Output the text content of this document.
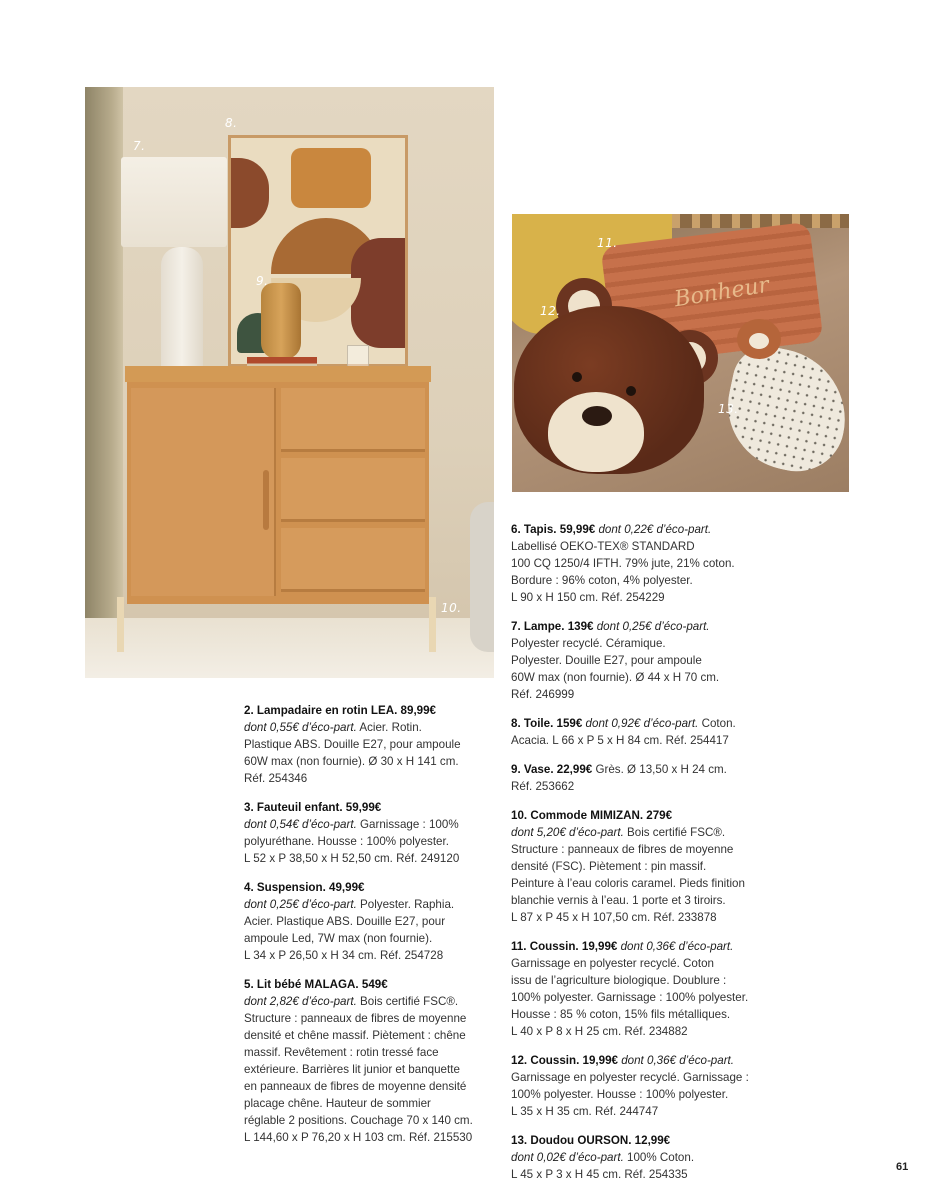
7.
8.
9.
10.
Bonheur
11.
12.
13.

2. Lampadaire en rotin LEA. 89,99€
dont 0,55€ d’éco-part. Acier. Rotin.
Plastique ABS. Douille E27, pour ampoule
60W max (non fournie). Ø 30 x H 141 cm.
Réf. 254346

3. Fauteuil enfant. 59,99€
dont 0,54€ d’éco-part. Garnissage : 100%
polyuréthane. Housse : 100% polyester.
L 52 x P 38,50 x H 52,50 cm. Réf. 249120

4. Suspension. 49,99€
dont 0,25€ d’éco-part. Polyester. Raphia.
Acier. Plastique ABS. Douille E27, pour
ampoule Led, 7W max (non fournie).
L 34 x P 26,50 x H 34 cm. Réf. 254728

5. Lit bébé MALAGA. 549€
dont 2,82€ d’éco-part. Bois certifié FSC®.
Structure : panneaux de fibres de moyenne
densité et chêne massif. Piètement : chêne
massif. Revêtement : rotin tressé face
extérieure. Barrières lit junior et banquette
en panneaux de fibres de moyenne densité
placage chêne. Hauteur de sommier
réglable 2 positions. Couchage 70 x 140 cm.
L 144,60 x P 76,20 x H 103 cm. Réf. 215530

6. Tapis. 59,99€ dont 0,22€ d’éco-part.
Labellisé OEKO-TEX® STANDARD
100 CQ 1250/4 IFTH. 79% jute, 21% coton.
Bordure : 96% coton, 4% polyester.
L 90 x H 150 cm. Réf. 254229

7. Lampe. 139€ dont 0,25€ d’éco-part.
Polyester recyclé. Céramique.
Polyester. Douille E27, pour ampoule
60W max (non fournie). Ø 44 x H 70 cm.
Réf. 246999

8. Toile. 159€ dont 0,92€ d’éco-part. Coton.
Acacia. L 66 x P 5 x H 84 cm. Réf. 254417

9. Vase. 22,99€ Grès. Ø 13,50 x H 24 cm.
Réf. 253662

10. Commode MIMIZAN. 279€
dont 5,20€ d’éco-part. Bois certifié FSC®.
Structure : panneaux de fibres de moyenne
densité (FSC). Piètement : pin massif.
Peinture à l’eau coloris caramel. Pieds finition
blanchie vernis à l’eau. 1 porte et 3 tiroirs.
L 87 x P 45 x H 107,50 cm. Réf. 233878

11. Coussin. 19,99€ dont 0,36€ d’éco-part.
Garnissage en polyester recyclé. Coton
issu de l’agriculture biologique. Doublure :
100% polyester. Garnissage : 100% polyester.
Housse : 85 % coton, 15% fils métalliques.
L 40 x P 8 x H 25 cm. Réf. 234882

12. Coussin. 19,99€ dont 0,36€ d’éco-part.
Garnissage en polyester recyclé. Garnissage :
100% polyester. Housse : 100% polyester.
L 35 x H 35 cm. Réf. 244747

13. Doudou OURSON. 12,99€
dont 0,02€ d’éco-part. 100% Coton.
L 45 x P 3 x H 45 cm. Réf. 254335

61
